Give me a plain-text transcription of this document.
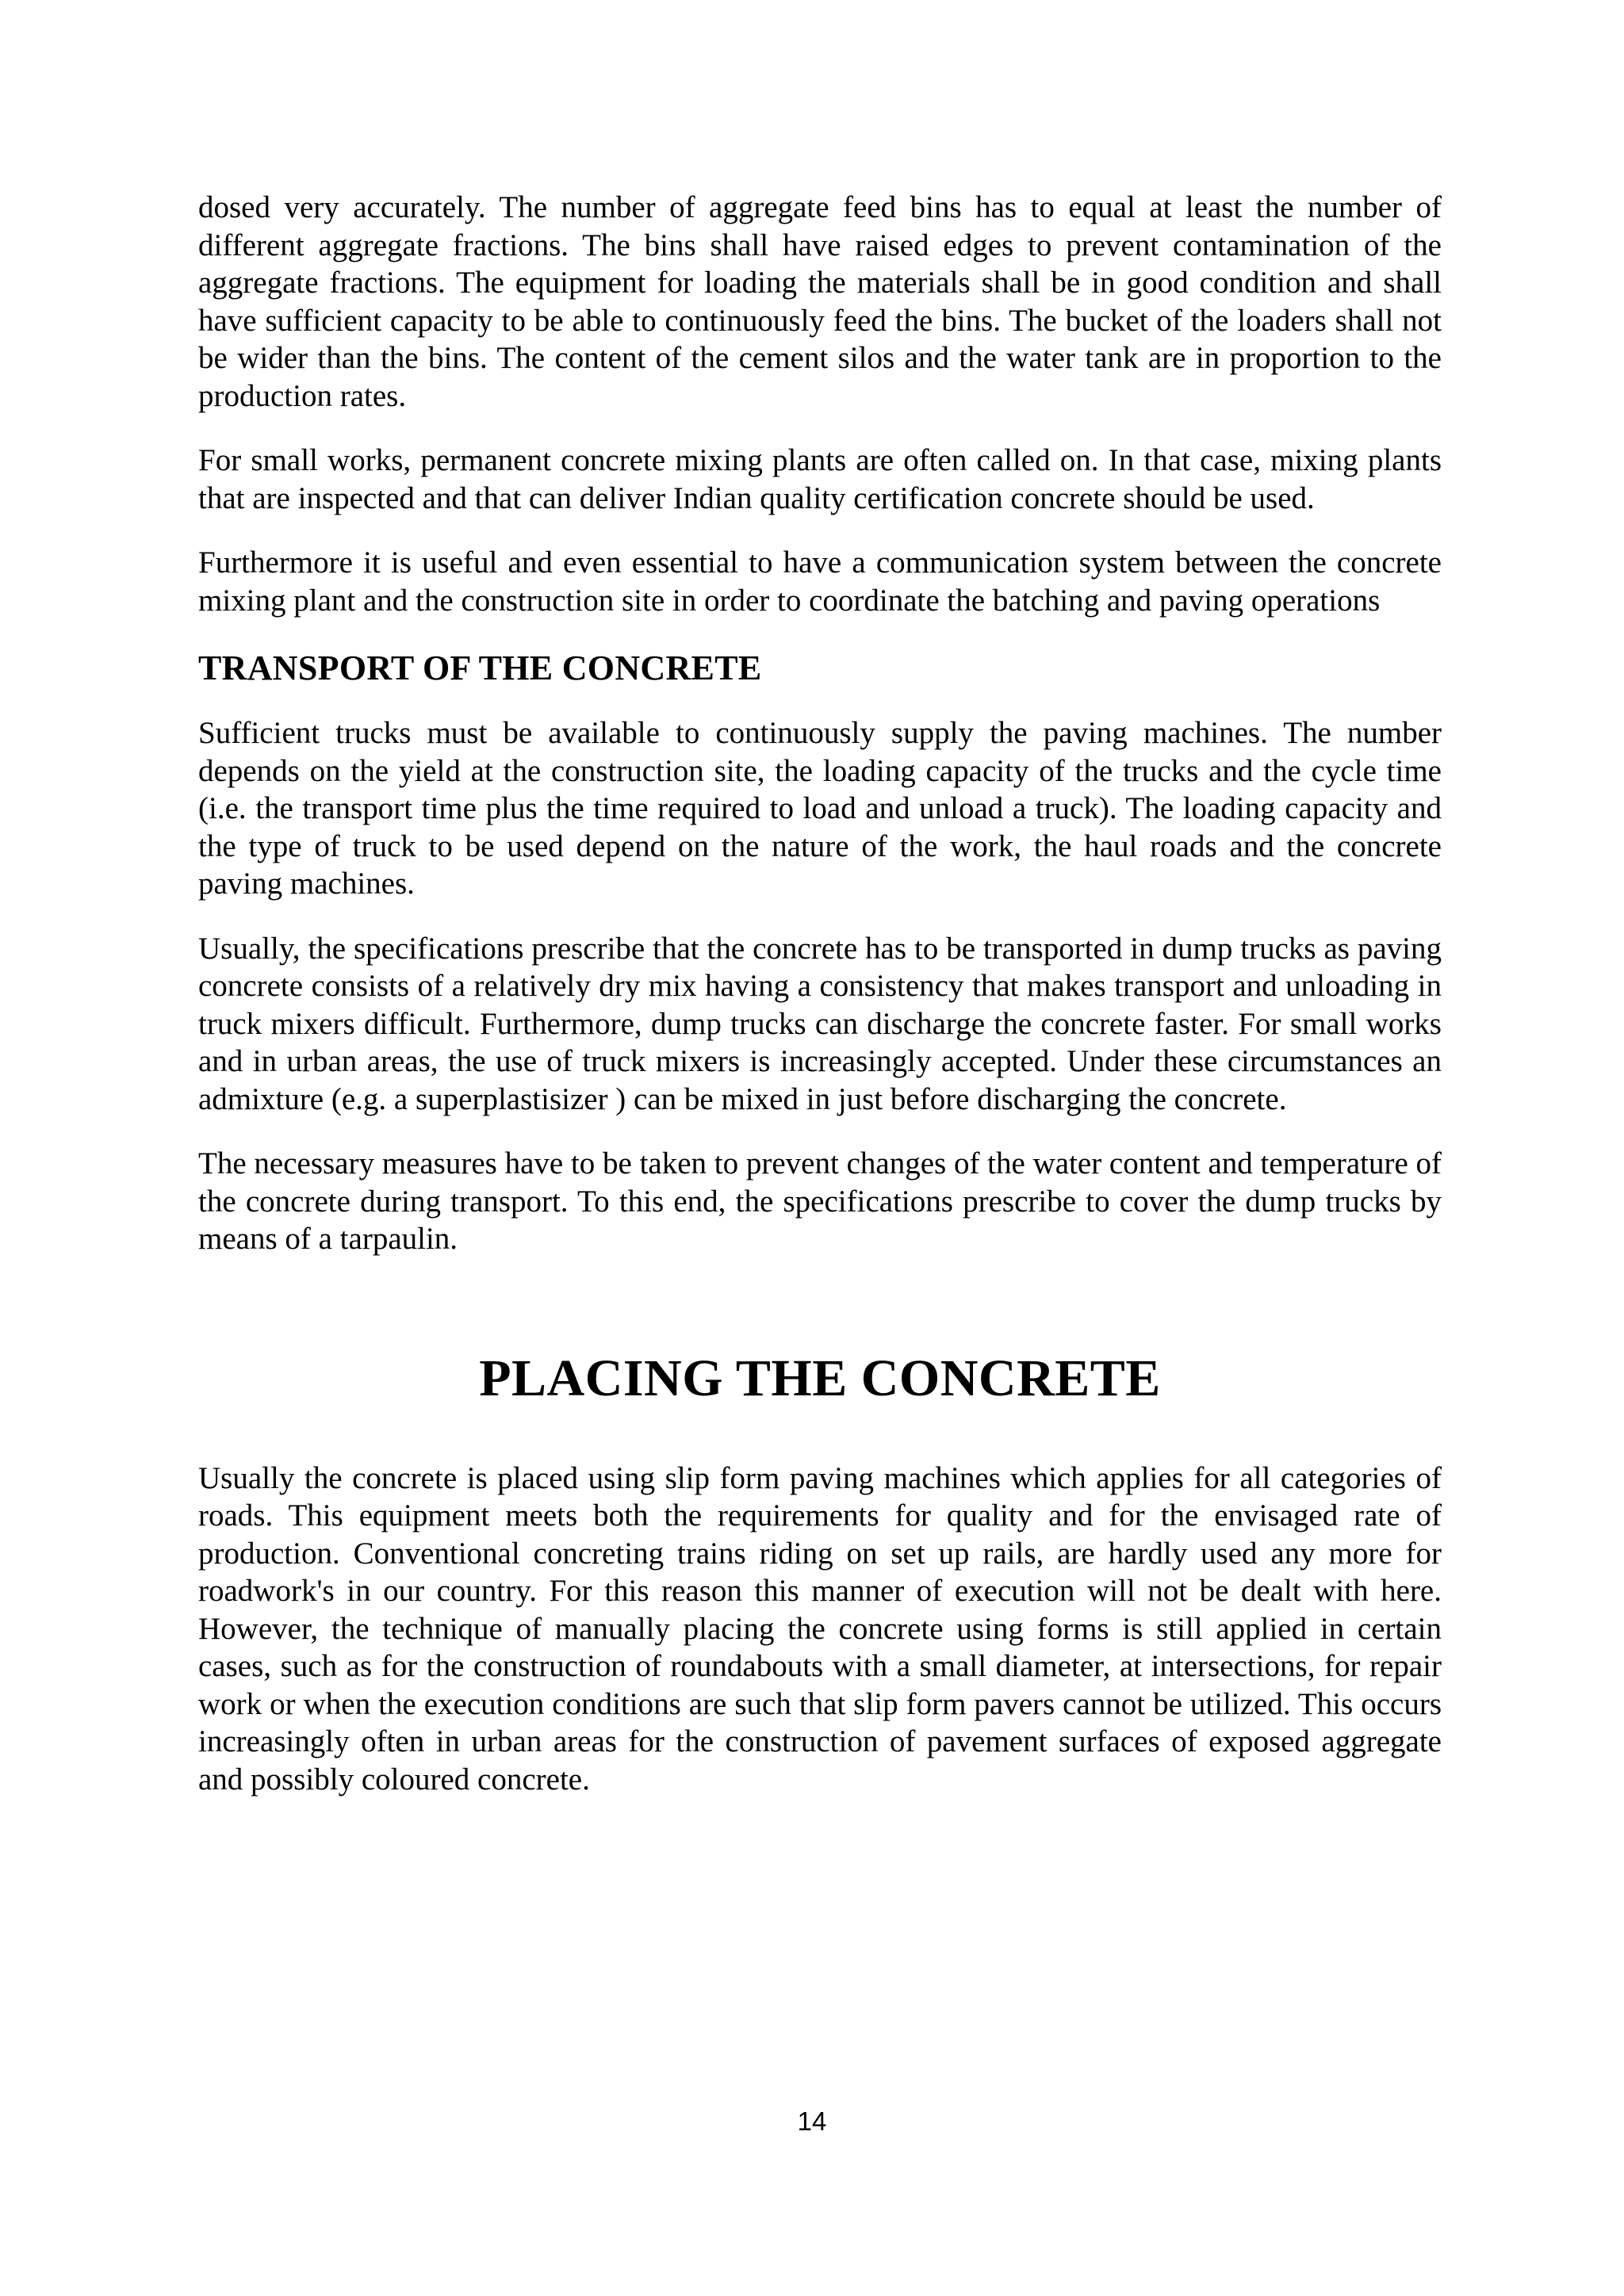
dosed very accurately. The number of aggregate feed bins has to equal at least the number of different aggregate fractions. The bins shall have raised edges to prevent contamination of the aggregate fractions. The equipment for loading the materials shall be in good condition and shall have sufficient capacity to be able to continuously feed the bins. The bucket of the loaders shall not be wider than the bins. The content of the cement silos and the water tank are in proportion to the production rates.

For small works, permanent concrete mixing plants are often called on. In that case, mixing plants that are inspected and that can deliver Indian quality certification concrete should be used.

Furthermore it is useful and even essential to have a communication system between the concrete mixing plant and the construction site in order to coordinate the batching and paving operations

TRANSPORT OF THE CONCRETE

Sufficient trucks must be available to continuously supply the paving machines. The number depends on the yield at the construction site, the loading capacity of the trucks and the cycle time (i.e. the transport time plus the time required to load and unload a truck). The loading capacity and the type of truck to be used depend on the nature of the work, the haul roads and the concrete paving machines.

Usually, the specifications prescribe that the concrete has to be transported in dump trucks as paving concrete consists of a relatively dry mix having a consistency that makes transport and unloading in truck mixers difficult. Furthermore, dump trucks can discharge the concrete faster. For small works and in urban areas, the use of truck mixers is increasingly accepted. Under these circumstances an admixture (e.g. a superplastisizer ) can be mixed in just before discharging the concrete.

The necessary measures have to be taken to prevent changes of the water content and temperature of the concrete during transport. To this end, the specifications prescribe to cover the dump trucks by means of a tarpaulin.

PLACING THE CONCRETE

Usually the concrete is placed using slip form paving machines which applies for all categories of roads. This equipment meets both the requirements for quality and for the envisaged rate of production. Conventional concreting trains riding on set up rails, are hardly used any more for roadwork's in our country. For this reason this manner of execution will not be dealt with here. However, the technique of manually placing the concrete using forms is still applied in certain cases, such as for the construction of roundabouts with a small diameter, at intersections, for repair work or when the execution conditions are such that slip form pavers cannot be utilized. This occurs increasingly often in urban areas for the construction of pavement surfaces of exposed aggregate and possibly coloured concrete.

14
